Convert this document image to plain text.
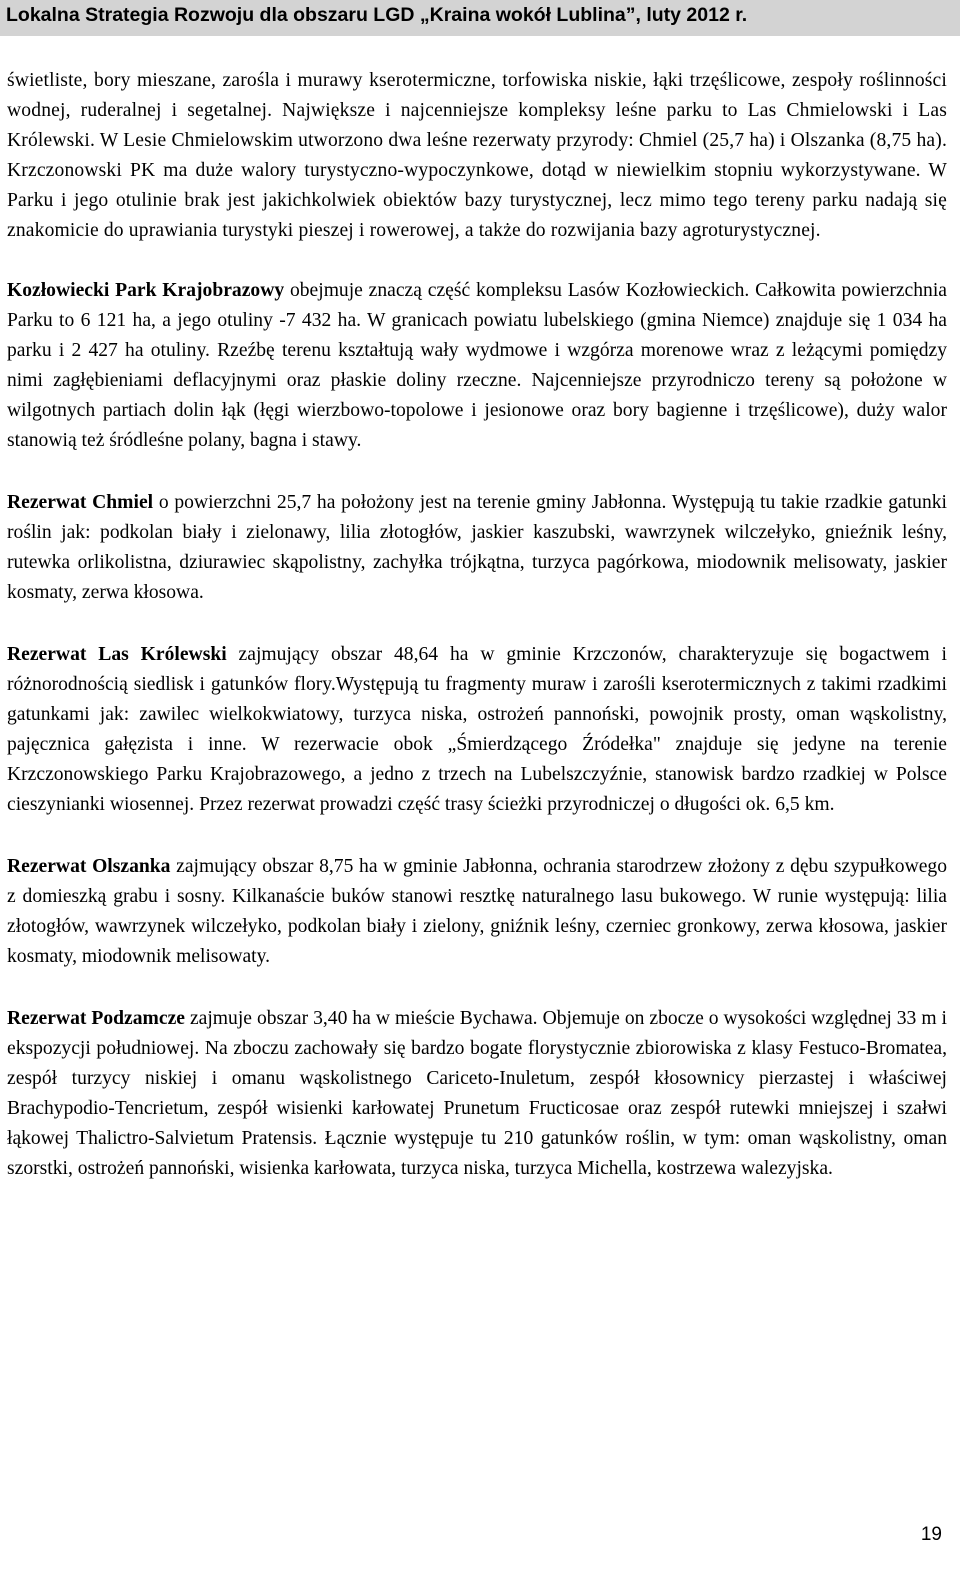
Lokalna Strategia Rozwoju dla obszaru LGD „Kraina wokół Lublina”, luty 2012 r.

świetliste, bory mieszane, zarośla i murawy kserotermiczne, torfowiska niskie, łąki trzęślicowe, zespoły roślinności wodnej, ruderalnej i segetalnej. Największe i najcenniejsze kompleksy leśne parku to Las Chmielowski i Las Królewski. W Lesie Chmielowskim utworzono dwa leśne rezerwaty przyrody: Chmiel (25,7 ha) i Olszanka (8,75 ha). Krzczonowski PK ma duże walory turystyczno-wypoczynkowe, dotąd w niewielkim stopniu wykorzystywane. W Parku i jego otulinie brak jest jakichkolwiek obiektów bazy turystycznej, lecz mimo tego tereny parku nadają się znakomicie do uprawiania turystyki pieszej i rowerowej, a także do rozwijania bazy agroturystycznej.

Kozłowiecki Park Krajobrazowy obejmuje znaczą część kompleksu Lasów Kozłowieckich. Całkowita powierzchnia Parku to 6 121 ha, a jego otuliny -7 432 ha. W granicach powiatu lubelskiego (gmina Niemce) znajduje się 1 034 ha parku i 2 427 ha otuliny. Rzeźbę terenu kształtują wały wydmowe i wzgórza morenowe wraz z leżącymi pomiędzy nimi zagłębieniami deflacyjnymi oraz płaskie doliny rzeczne. Najcenniejsze przyrodniczo tereny są położone w wilgotnych partiach dolin łąk (łęgi wierzbowo-topolowe i jesionowe oraz bory bagienne i trzęślicowe), duży walor stanowią też śródleśne polany, bagna i stawy.

Rezerwat Chmiel o powierzchni 25,7 ha położony jest na terenie gminy Jabłonna. Występują tu takie rzadkie gatunki roślin jak: podkolan biały i zielonawy, lilia złotogłów, jaskier kaszubski, wawrzynek wilczełyko, gnieźnik leśny, rutewka orlikolistna, dziurawiec skąpolistny, zachyłka trójkątna, turzyca pagórkowa, miodownik melisowaty, jaskier kosmaty, zerwa kłosowa.

Rezerwat Las Królewski zajmujący obszar 48,64 ha w gminie Krzczonów, charakteryzuje się bogactwem i różnorodnością siedlisk i gatunków flory.Występują tu fragmenty muraw i zarośli kserotermicznych z takimi rzadkimi gatunkami jak: zawilec wielkokwiatowy, turzyca niska, ostrożeń pannoński, powojnik prosty, oman wąskolistny, pajęcznica gałęzista i inne. W rezerwacie obok „Śmierdzącego Źródełka" znajduje się jedyne na terenie Krzczonowskiego Parku Krajobrazowego, a jedno z trzech na Lubelszczyźnie, stanowisk bardzo rzadkiej w Polsce cieszynianki wiosennej. Przez rezerwat prowadzi część trasy ścieżki przyrodniczej o długości ok. 6,5 km.

Rezerwat Olszanka zajmujący obszar 8,75 ha w gminie Jabłonna, ochrania starodrzew złożony z dębu szypułkowego z domieszką grabu i sosny. Kilkanaście buków stanowi resztkę naturalnego lasu bukowego. W runie występują: lilia złotogłów, wawrzynek wilczełyko, podkolan biały i zielony, gniźnik leśny, czerniec gronkowy, zerwa kłosowa, jaskier kosmaty, miodownik melisowaty.

Rezerwat Podzamcze zajmuje obszar 3,40 ha w mieście Bychawa. Objemuje on zbocze o wysokości względnej 33 m i ekspozycji południowej. Na zboczu zachowały się bardzo bogate florystycznie zbiorowiska z klasy Festuco-Bromatea, zespół turzycy niskiej i omanu wąskolistnego Cariceto-Inuletum, zespół kłosownicy pierzastej i właściwej Brachypodio-Tencrietum, zespół wisienki karłowatej Prunetum Fructicosae oraz zespół rutewki mniejszej i szałwi łąkowej Thalictro-Salvietum Pratensis. Łącznie występuje tu 210 gatunków roślin, w tym: oman wąskolistny, oman szorstki, ostrożeń pannoński, wisienka karłowata, turzyca niska, turzyca Michella, kostrzewa walezyjska.

19
